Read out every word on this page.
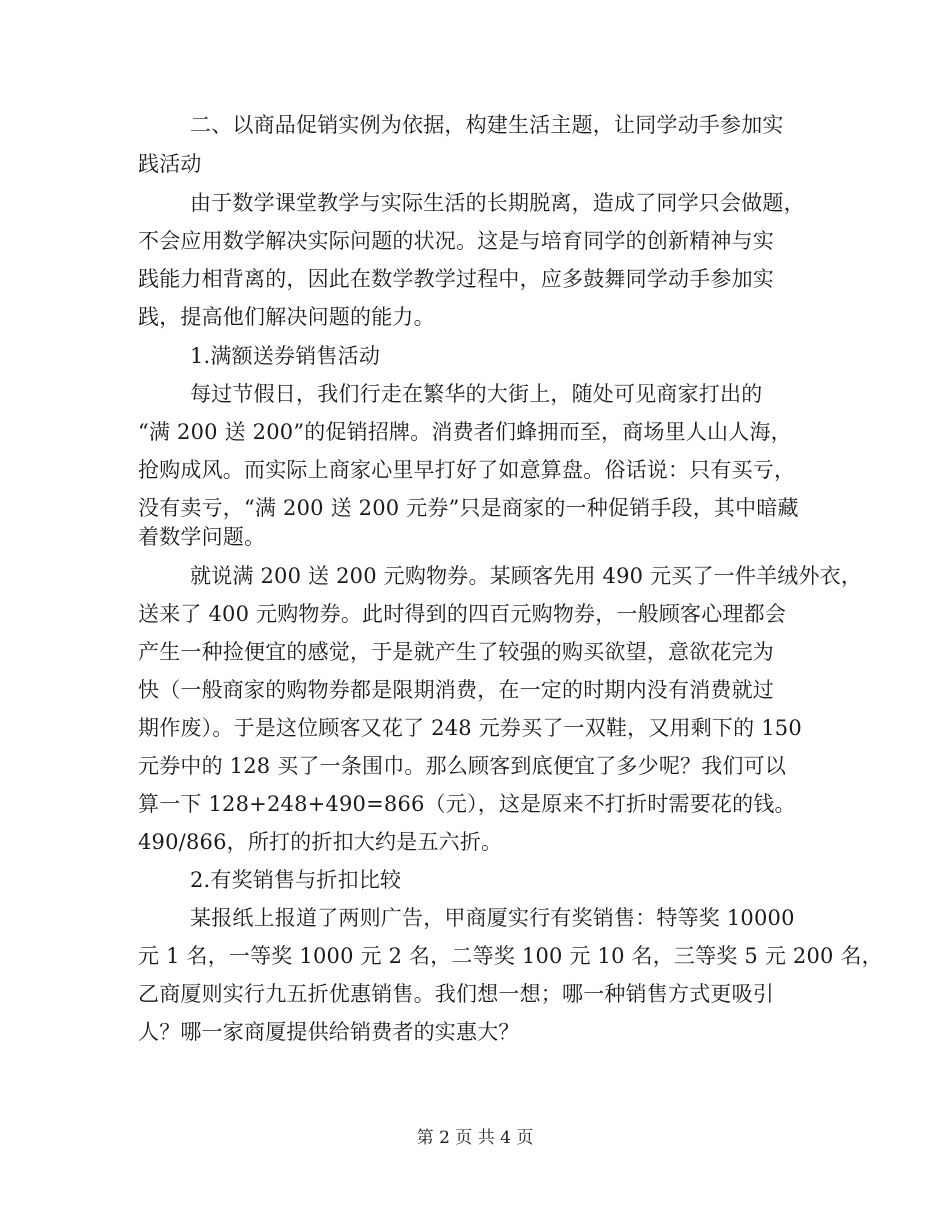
二、以商品促销实例为依据，构建生活主题，让同学动手参加实
践活动
由于数学课堂教学与实际生活的长期脱离，造成了同学只会做题，
不会应用数学解决实际问题的状况。这是与培育同学的创新精神与实
践能力相背离的，因此在数学教学过程中，应多鼓舞同学动手参加实
践，提高他们解决问题的能力。
1.满额送券销售活动
每过节假日，我们行走在繁华的大街上，随处可见商家打出的
“满 200 送 200”的促销招牌。消费者们蜂拥而至，商场里人山人海，
抢购成风。而实际上商家心里早打好了如意算盘。俗话说：只有买亏，
没有卖亏，“满 200 送 200 元券”只是商家的一种促销手段，其中暗藏
着数学问题。
就说满 200 送 200 元购物券。某顾客先用 490 元买了一件羊绒外衣，
送来了 400 元购物券。此时得到的四百元购物券，一般顾客心理都会
产生一种捡便宜的感觉，于是就产生了较强的购买欲望，意欲花完为
快（一般商家的购物券都是限期消费，在一定的时期内没有消费就过
期作废）。于是这位顾客又花了 248 元券买了一双鞋，又用剩下的 150
元券中的 128 买了一条围巾。那么顾客到底便宜了多少呢？我们可以
算一下 128+248+490=866（元），这是原来不打折时需要花的钱。
490/866，所打的折扣大约是五六折。
2.有奖销售与折扣比较
某报纸上报道了两则广告，甲商厦实行有奖销售：特等奖 10000
元 1 名，一等奖 1000 元 2 名，二等奖 100 元 10 名，三等奖 5 元 200 名，
乙商厦则实行九五折优惠销售。我们想一想；哪一种销售方式更吸引
人？哪一家商厦提供给销费者的实惠大？
第 2 页 共 4 页
